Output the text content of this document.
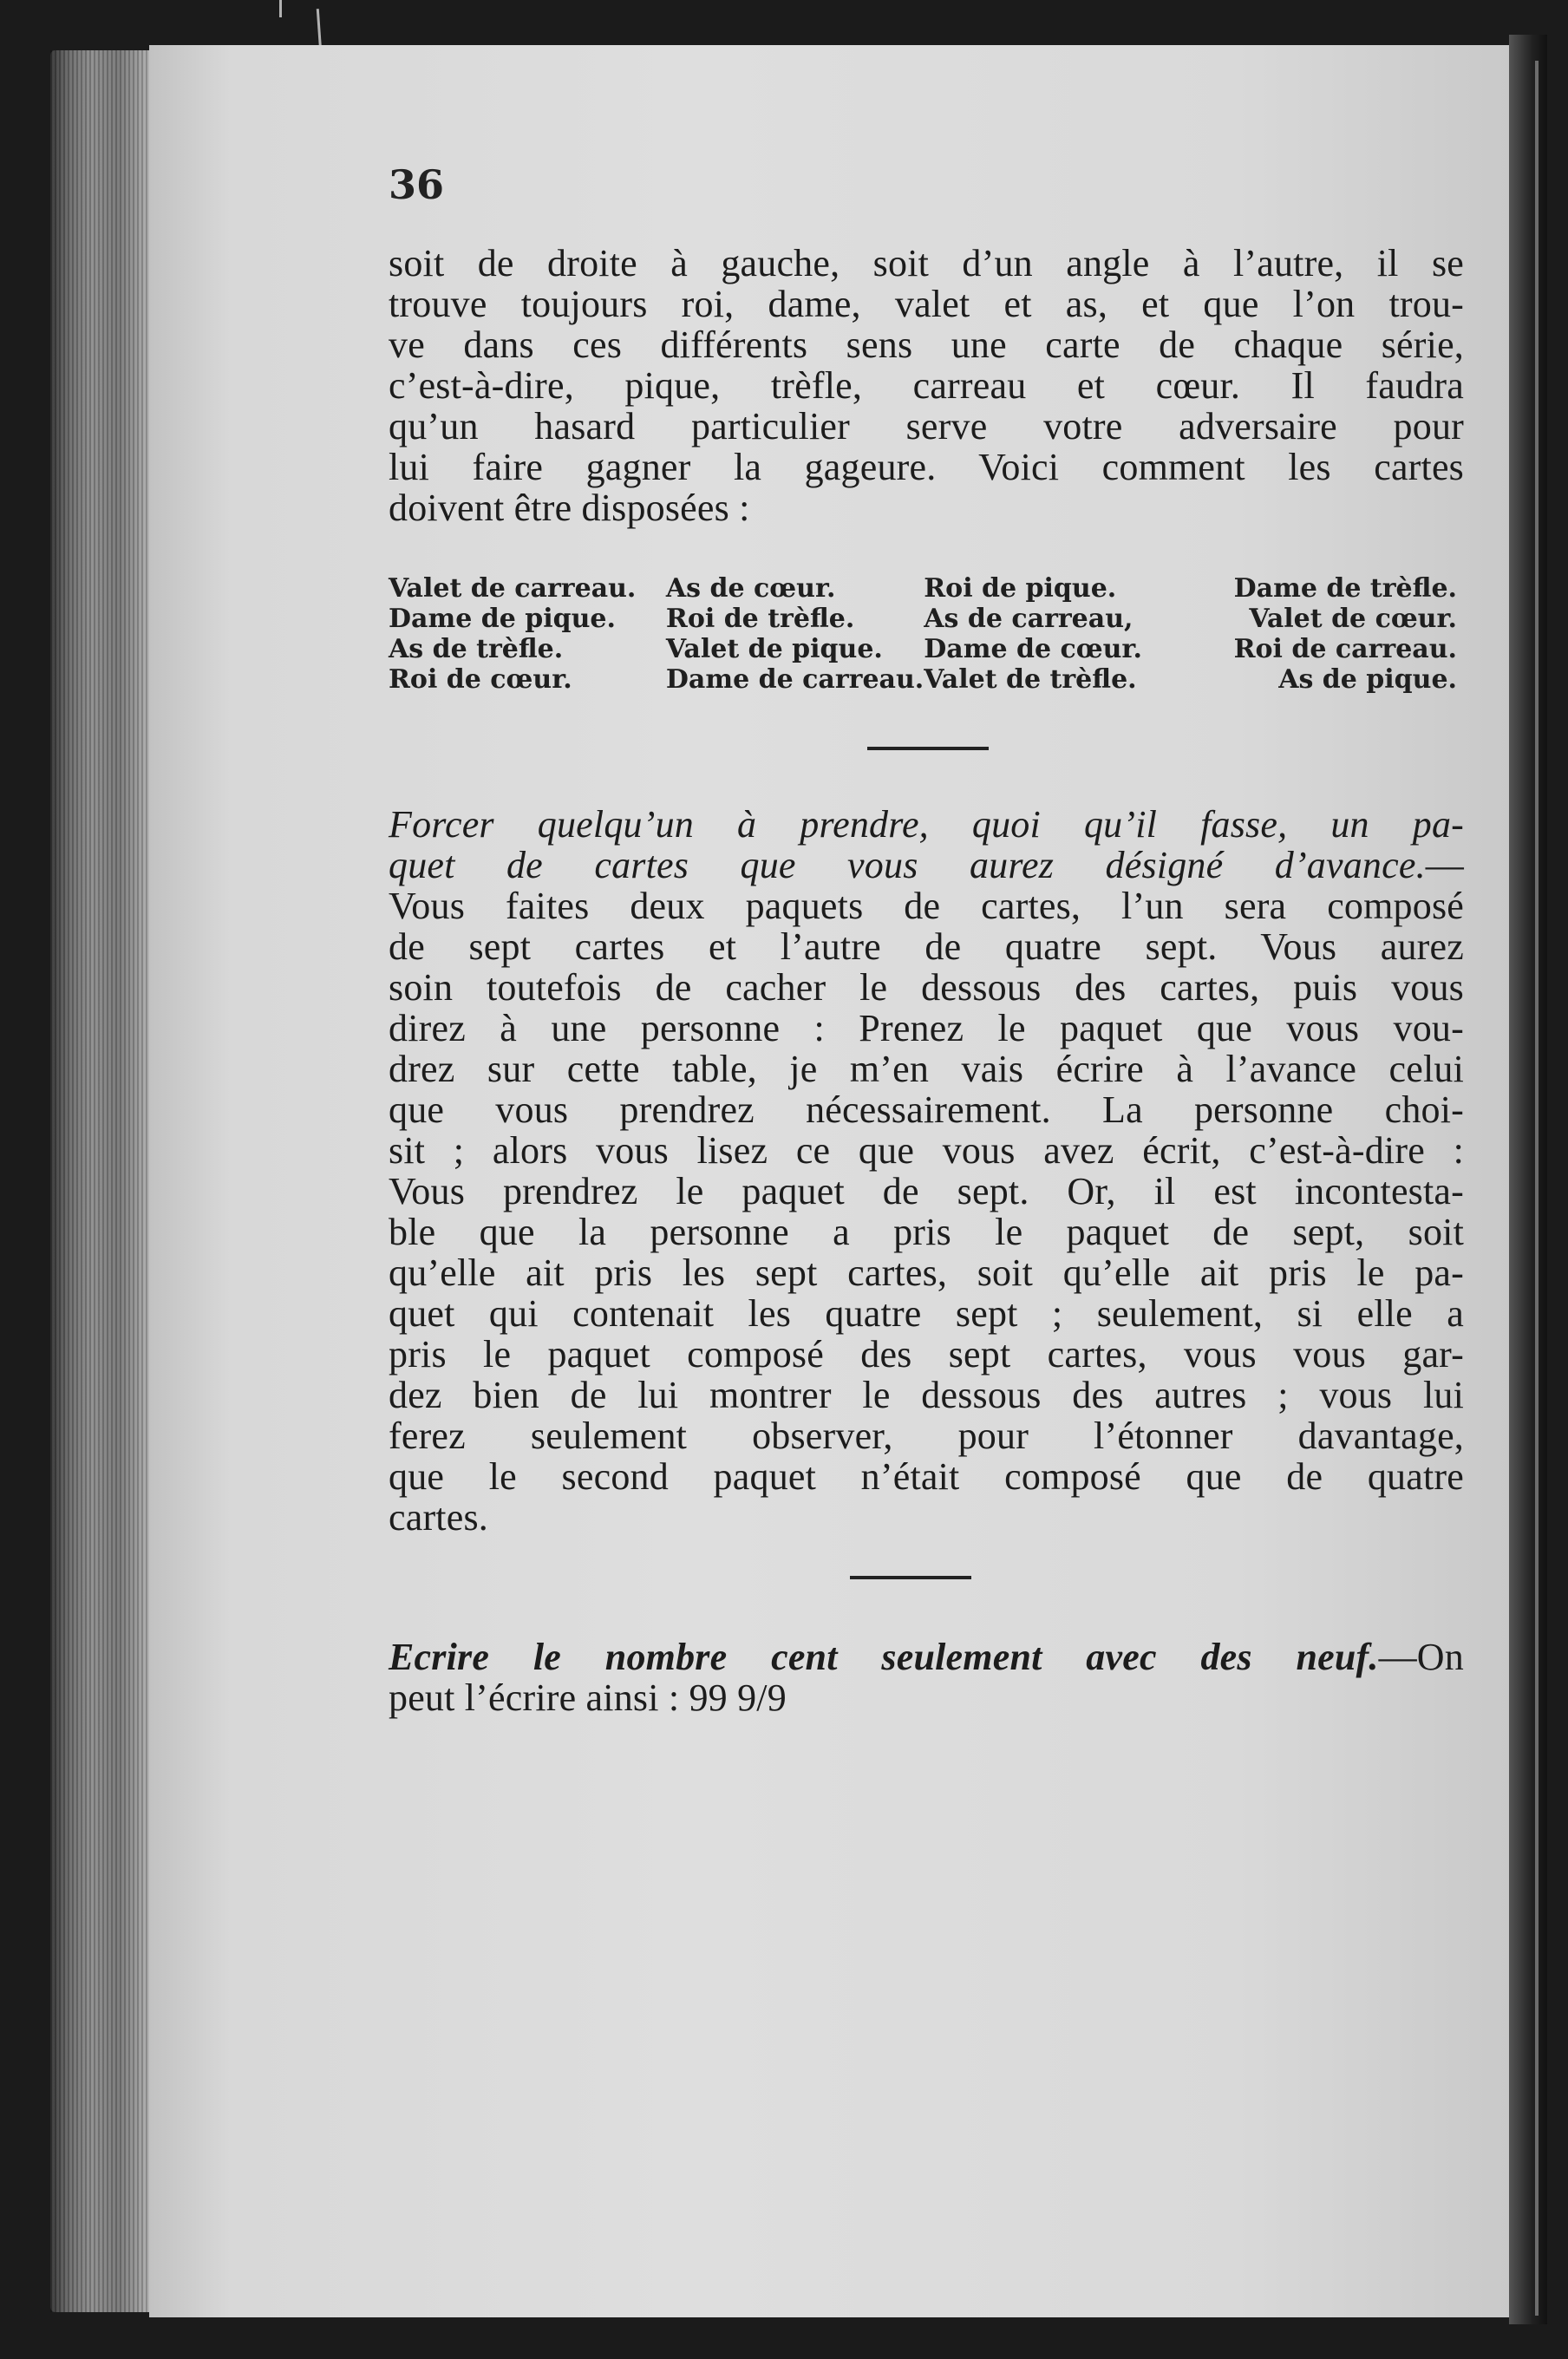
36

soit de droite à gauche, soit d’un angle à l’autre, il se
trouve toujours roi, dame, valet et as, et que l’on trou-
ve dans ces différents sens une carte de chaque série,
c’est-à-dire, pique, trèfle, carreau et cœur. Il faudra
qu’un hasard particulier serve votre adversaire pour
lui faire gagner la gageure. Voici comment les cartes
doivent être disposées :

Valet de carreau.	As de cœur.	Roi de pique.	Dame de trèfle.
Dame de pique.	Roi de trèfle.	As de carreau,	Valet de cœur.
As de trèfle.	Valet de pique.	Dame de cœur.	Roi de carreau.
Roi de cœur.	Dame de carreau.	Valet de trèfle.	As de pique.

Forcer quelqu’un à prendre, quoi qu’il fasse, un pa-
quet de cartes que vous aurez désigné d’avance.—
Vous faites deux paquets de cartes, l’un sera composé
de sept cartes et l’autre de quatre sept. Vous aurez
soin toutefois de cacher le dessous des cartes, puis vous
direz à une personne : Prenez le paquet que vous vou-
drez sur cette table, je m’en vais écrire à l’avance celui
que vous prendrez nécessairement. La personne choi-
sit ; alors vous lisez ce que vous avez écrit, c’est-à-dire :
Vous prendrez le paquet de sept. Or, il est incontesta-
ble que la personne a pris le paquet de sept, soit
qu’elle ait pris les sept cartes, soit qu’elle ait pris le pa-
quet qui contenait les quatre sept ; seulement, si elle a
pris le paquet composé des sept cartes, vous vous gar-
dez bien de lui montrer le dessous des autres ; vous lui
ferez seulement observer, pour l’étonner davantage,
que le second paquet n’était composé que de quatre
cartes.

Ecrire le nombre cent seulement avec des neuf.—On
peut l’écrire ainsi : 99 9/9
